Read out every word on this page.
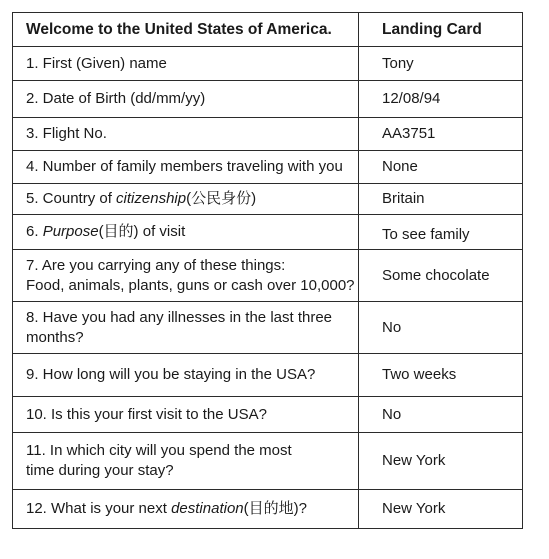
Welcome to the United States of America.	Landing Card
1. First (Given) name	Tony
2. Date of Birth (dd/mm/yy)	12/08/94
3. Flight No.	AA3751
4. Number of family members traveling with you	None
5. Country of citizenship(公民身份)	Britain
6. Purpose(目的) of visit	To see family

7. Are you carrying any of these things:
Food, animals, plants, guns or cash over 10,000?	Some chocolate

8. Have you had any illnesses in the last three
months?	No
9. How long will you be staying in the USA?	Two weeks
10. Is this your first visit to the USA?	No

11. In which city will you spend the most
time during your stay?	New York
12. What is your next destination(目的地)?	New York
